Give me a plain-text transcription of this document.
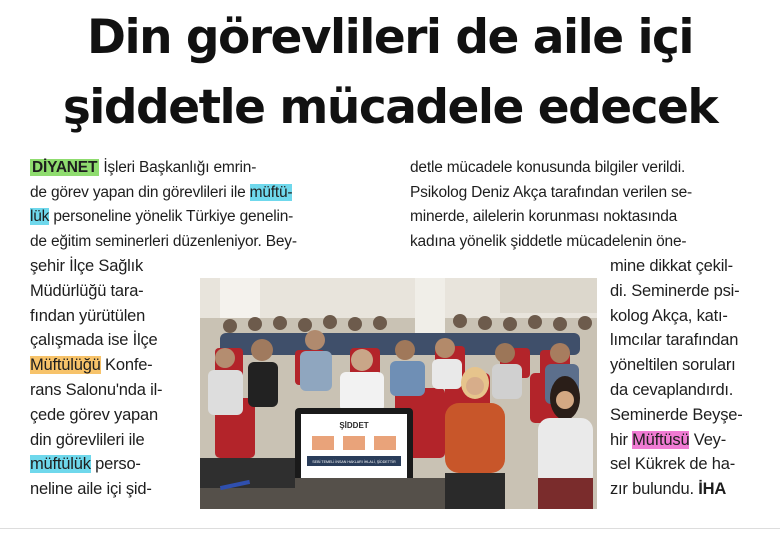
Din görevlileri de aile içi
şiddetle mücadele edecek
DİYANET İşleri Başkanlığı emrin-
de görev yapan din görevlileri ile müftü-
lük personeline yönelik Türkiye genelin-
de eğitim seminerleri düzenleniyor. Bey-
şehir İlçe Sağlık
Müdürlüğü tara-
fından yürütülen
çalışmada ise İlçe
Müftülüğü Konfe-
rans Salonu'nda il-
çede görev yapan
din görevlileri ile
müftülük perso-
neline aile içi şid-
detle mücadele konusunda bilgiler verildi.
Psikolog Deniz Akça tarafından verilen se-
minerde, ailelerin korunması noktasında
kadına yönelik şiddetle mücadelenin öne-
mine dikkat çekil-
di. Seminerde psi-
kolog Akça, katı-
lımcılar tarafından
yöneltilen soruları
da cevaplandırdı.
Seminerde Beyşe-
hir Müftüsü Vey-
sel Kükrek de ha-
zır bulundu. İHA
ŞİDDET
SEBİ TEMELİ İNSAN HAKLARI İHLALİ, ŞİDDETTİR
